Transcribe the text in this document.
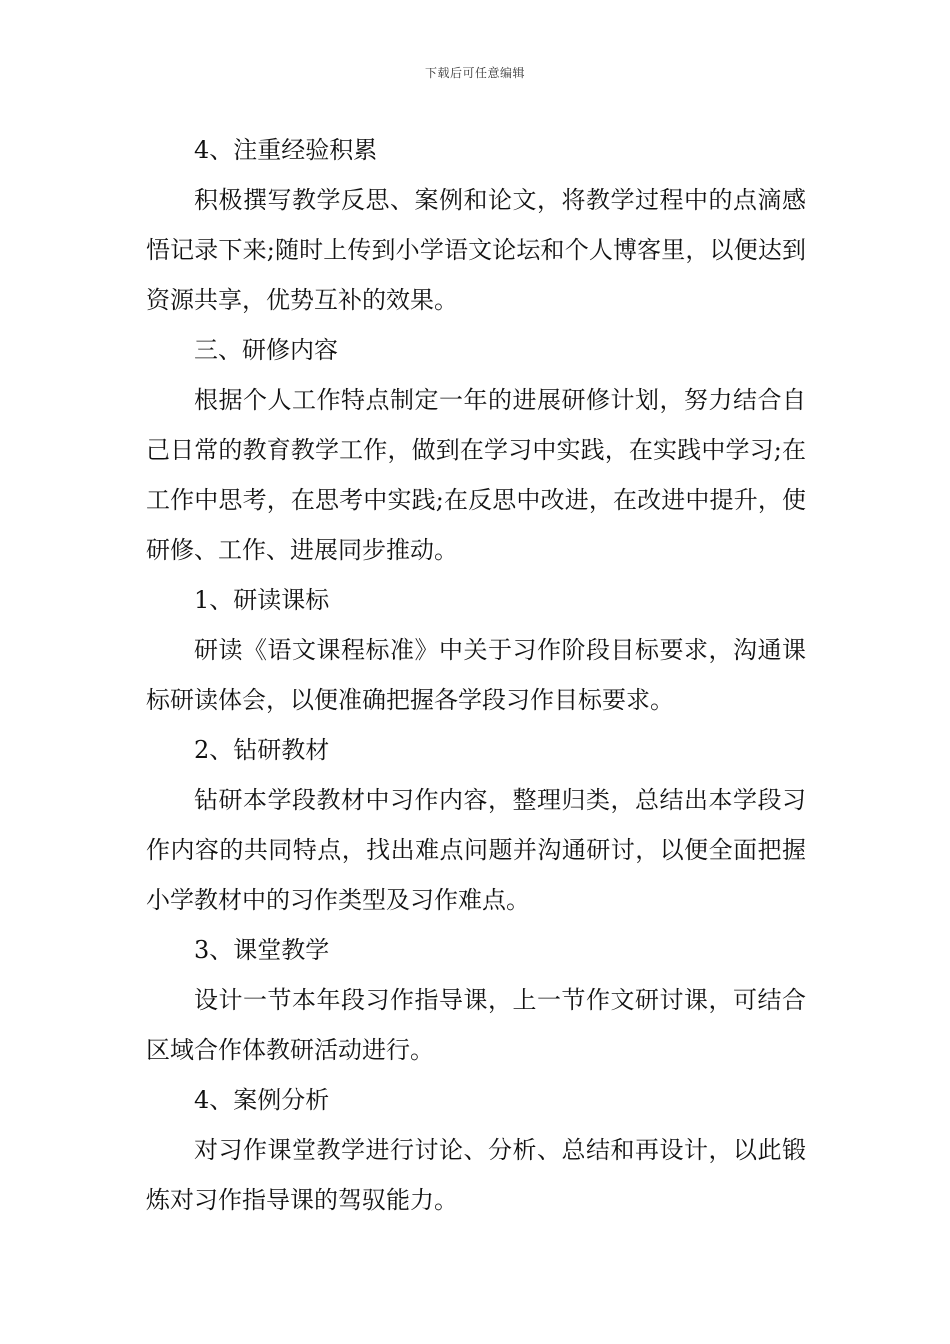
下载后可任意编辑

4、注重经验积累

积极撰写教学反思、案例和论文，将教学过程中的点滴感悟记录下来;随时上传到小学语文论坛和个人博客里，以便达到资源共享，优势互补的效果。

三、研修内容

根据个人工作特点制定一年的进展研修计划，努力结合自己日常的教育教学工作，做到在学习中实践，在实践中学习;在工作中思考，在思考中实践;在反思中改进，在改进中提升，使研修、工作、进展同步推动。

1、研读课标

研读《语文课程标准》中关于习作阶段目标要求，沟通课标研读体会，以便准确把握各学段习作目标要求。

2、钻研教材

钻研本学段教材中习作内容，整理归类，总结出本学段习作内容的共同特点，找出难点问题并沟通研讨，以便全面把握小学教材中的习作类型及习作难点。

3、课堂教学

设计一节本年段习作指导课，上一节作文研讨课，可结合区域合作体教研活动进行。

4、案例分析

对习作课堂教学进行讨论、分析、总结和再设计，以此锻炼对习作指导课的驾驭能力。
